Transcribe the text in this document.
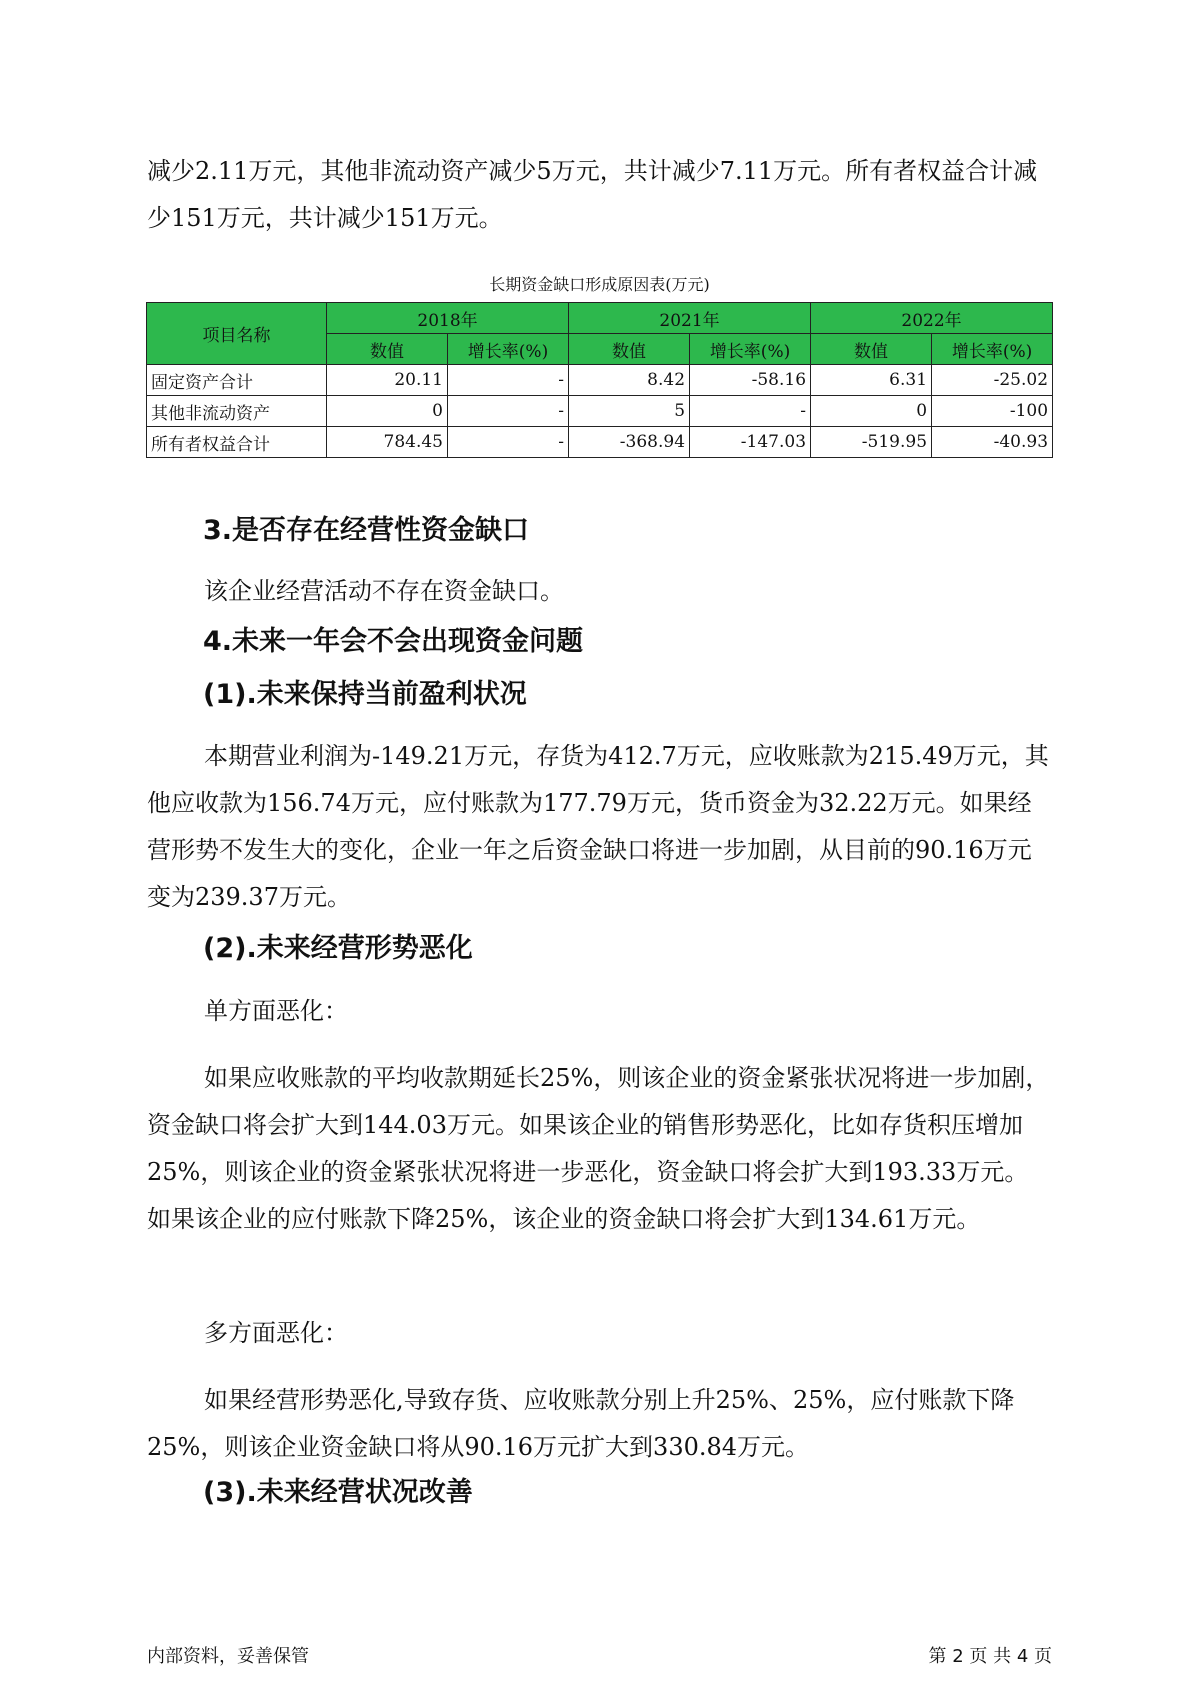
减少2.11万元，其他非流动资产减少5万元，共计减少7.11万元。所有者权益合计减少151万元，共计减少151万元。

长期资金缺口形成原因表(万元)

项目名称	2018年		2021年		2022年	
	数值	增长率(%)	数值	增长率(%)	数值	增长率(%)
固定资产合计	20.11	-	8.42	-58.16	6.31	-25.02
其他非流动资产	0	-	5	-	0	-100
所有者权益合计	784.45	-	-368.94	-147.03	-519.95	-40.93
3.是否存在经营性资金缺口

该企业经营活动不存在资金缺口。

4.未来一年会不会出现资金问题
(1).未来保持当前盈利状况

本期营业利润为-149.21万元，存货为412.7万元，应收账款为215.49万元，其他应收款为156.74万元，应付账款为177.79万元，货币资金为32.22万元。如果经营形势不发生大的变化，企业一年之后资金缺口将进一步加剧，从目前的90.16万元变为239.37万元。

(2).未来经营形势恶化

单方面恶化：

如果应收账款的平均收款期延长25%，则该企业的资金紧张状况将进一步加剧，资金缺口将会扩大到144.03万元。如果该企业的销售形势恶化，比如存货积压增加25%，则该企业的资金紧张状况将进一步恶化，资金缺口将会扩大到193.33万元。如果该企业的应付账款下降25%，该企业的资金缺口将会扩大到134.61万元。

多方面恶化：

如果经营形势恶化,导致存货、应收账款分别上升25%、25%，应付账款下降25%，则该企业资金缺口将从90.16万元扩大到330.84万元。

(3).未来经营状况改善

内部资料，妥善保管	第 2 页 共 4 页
